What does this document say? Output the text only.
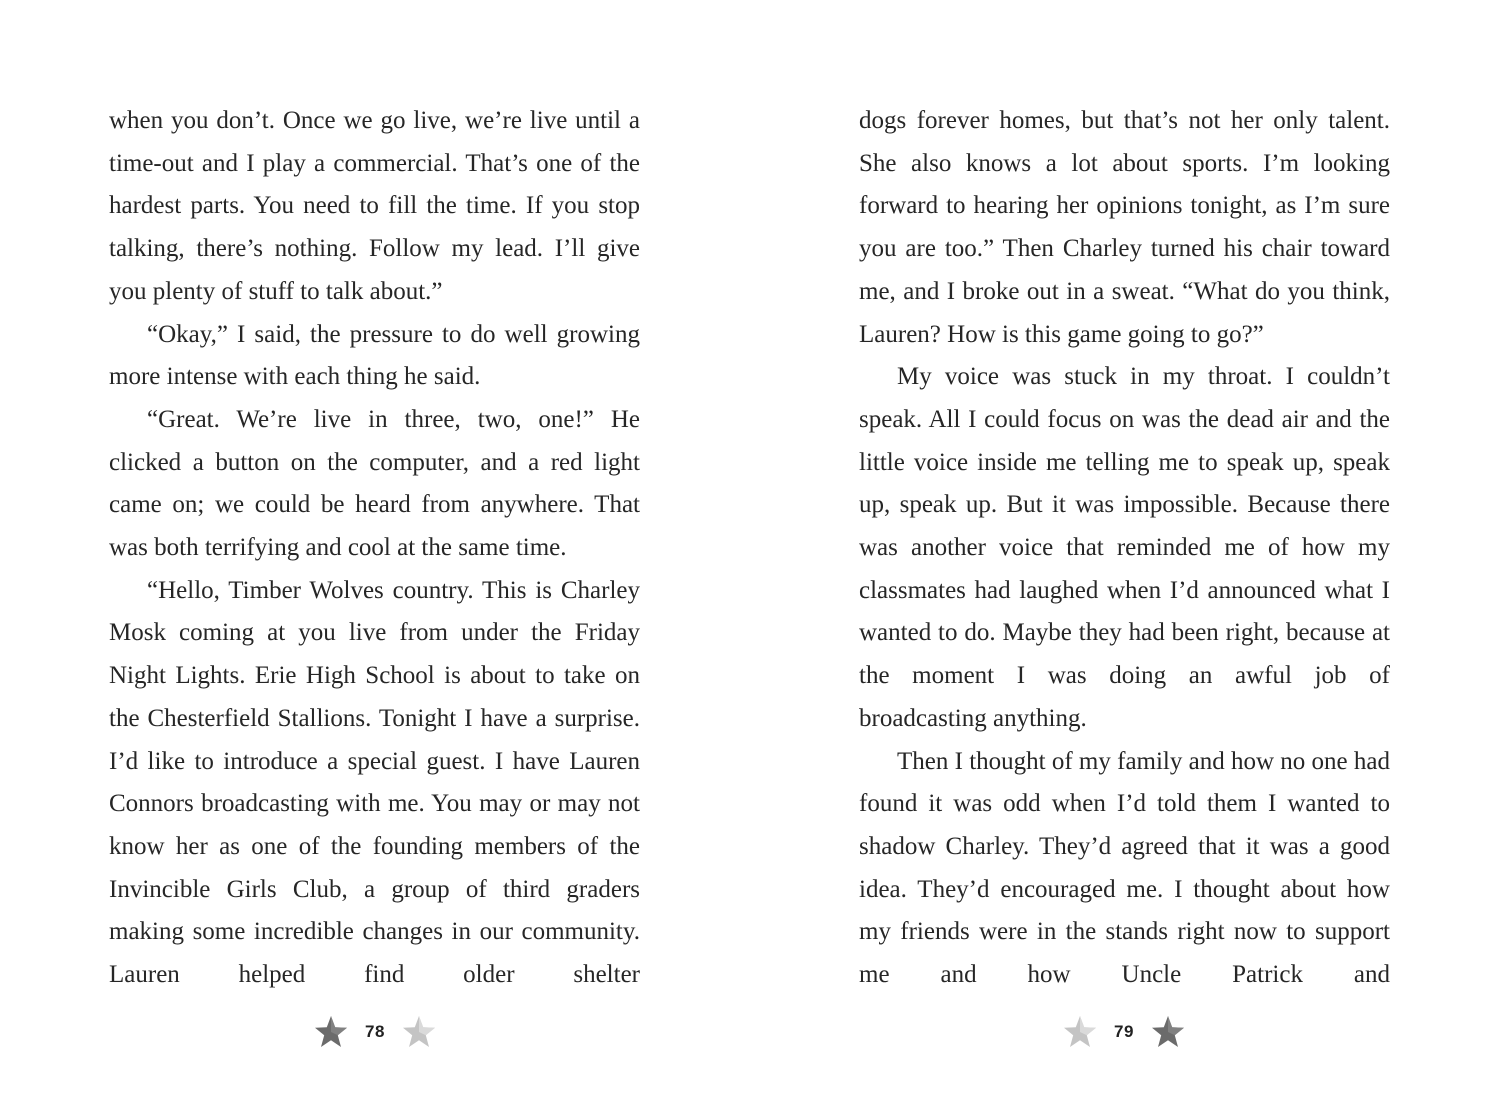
when you don’t. Once we go live, we’re live until a time-out and I play a commercial. That’s one of the hardest parts. You need to fill the time. If you stop talking, there’s nothing. Follow my lead. I’ll give you plenty of stuff to talk about.”

“Okay,” I said, the pressure to do well growing more intense with each thing he said.

“Great. We’re live in three, two, one!” He clicked a button on the computer, and a red light came on; we could be heard from anywhere. That was both terrifying and cool at the same time.

“Hello, Timber Wolves country. This is Charley Mosk coming at you live from under the Friday Night Lights. Erie High School is about to take on the Chesterfield Stallions. Tonight I have a surprise. I’d like to introduce a special guest. I have Lauren Connors broadcasting with me. You may or may not know her as one of the founding members of the Invincible Girls Club, a group of third graders making some incredible changes in our community. Lauren helped find older shelter

78

dogs forever homes, but that’s not her only talent. She also knows a lot about sports. I’m looking forward to hearing her opinions tonight, as I’m sure you are too.” Then Charley turned his chair toward me, and I broke out in a sweat. “What do you think, Lauren? How is this game going to go?”

My voice was stuck in my throat. I couldn’t speak. All I could focus on was the dead air and the little voice inside me telling me to speak up, speak up, speak up. But it was impossible. Because there was another voice that reminded me of how my classmates had laughed when I’d announced what I wanted to do. Maybe they had been right, because at the moment I was doing an awful job of broadcasting anything.

Then I thought of my family and how no one had found it was odd when I’d told them I wanted to shadow Charley. They’d agreed that it was a good idea. They’d encouraged me. I thought about how my friends were in the stands right now to support me and how Uncle Patrick and

79
